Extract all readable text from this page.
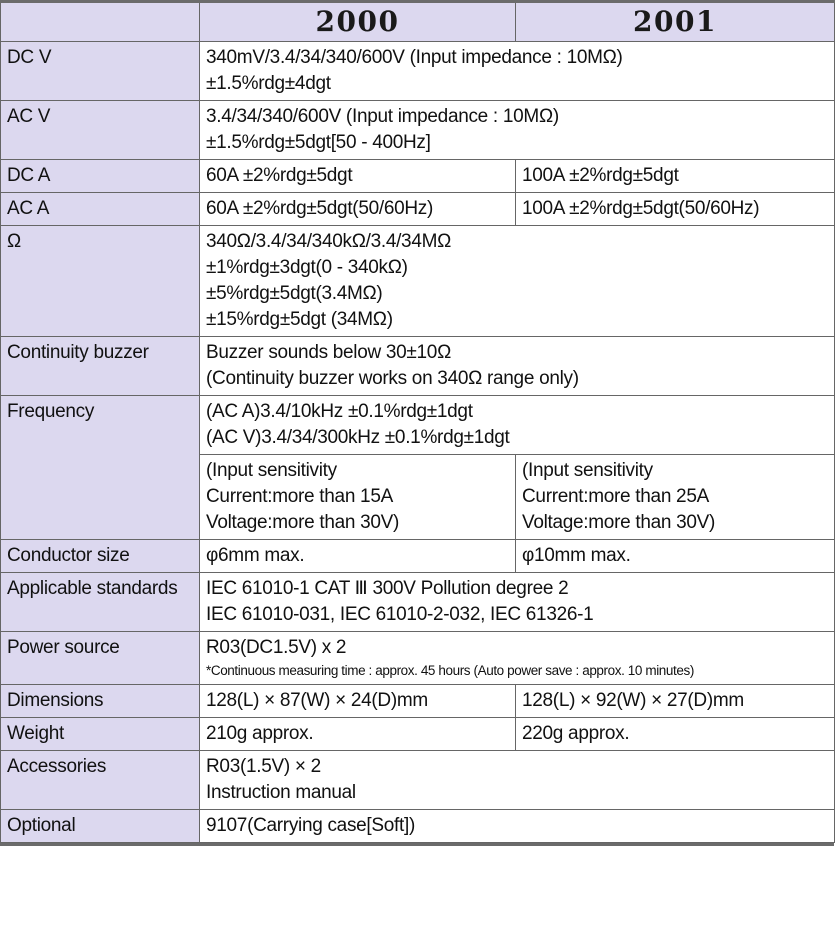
	2000	2001
DC V	340mV/3.4/34/340/600V (Input impedance : 10MΩ)
±1.5%rdg±4dgt	

AC V	3.4/34/340/600V (Input impedance : 10MΩ)
±1.5%rdg±5dgt[50 - 400Hz]	

DC A	60A ±2%rdg±5dgt	100A ±2%rdg±5dgt
AC A	60A ±2%rdg±5dgt(50/60Hz)	100A ±2%rdg±5dgt(50/60Hz)
Ω	340Ω/3.4/34/340kΩ/3.4/34MΩ
±1%rdg±3dgt(0 - 340kΩ)
±5%rdg±5dgt(3.4MΩ)
±15%rdg±5dgt (34MΩ)	

Continuity buzzer	Buzzer sounds below 30±10Ω
(Continuity buzzer works on 340Ω range only)	

Frequency	(AC A)3.4/10kHz ±0.1%rdg±1dgt
(AC V)3.4/34/300kHz ±0.1%rdg±1dgt	

	(Input sensitivity
Current:more than 15A
Voltage:more than 30V)	(Input sensitivity
Current:more than 25A
Voltage:more than 30V)

Conductor size	φ6mm max.	φ10mm max.
Applicable standards	IEC 61010-1 CAT Ⅲ 300V Pollution degree 2
IEC 61010-031, IEC 61010-2-032, IEC 61326-1	

Power source	R03(DC1.5V) x 2
*Continuous measuring time : approx. 45 hours (Auto power save : approx. 10 minutes)	

Dimensions	128(L) × 87(W) × 24(D)mm	128(L) × 92(W) × 27(D)mm
Weight	210g approx.	220g approx.
Accessories	R03(1.5V) × 2
Instruction manual	

Optional	9107(Carrying case[Soft])	
